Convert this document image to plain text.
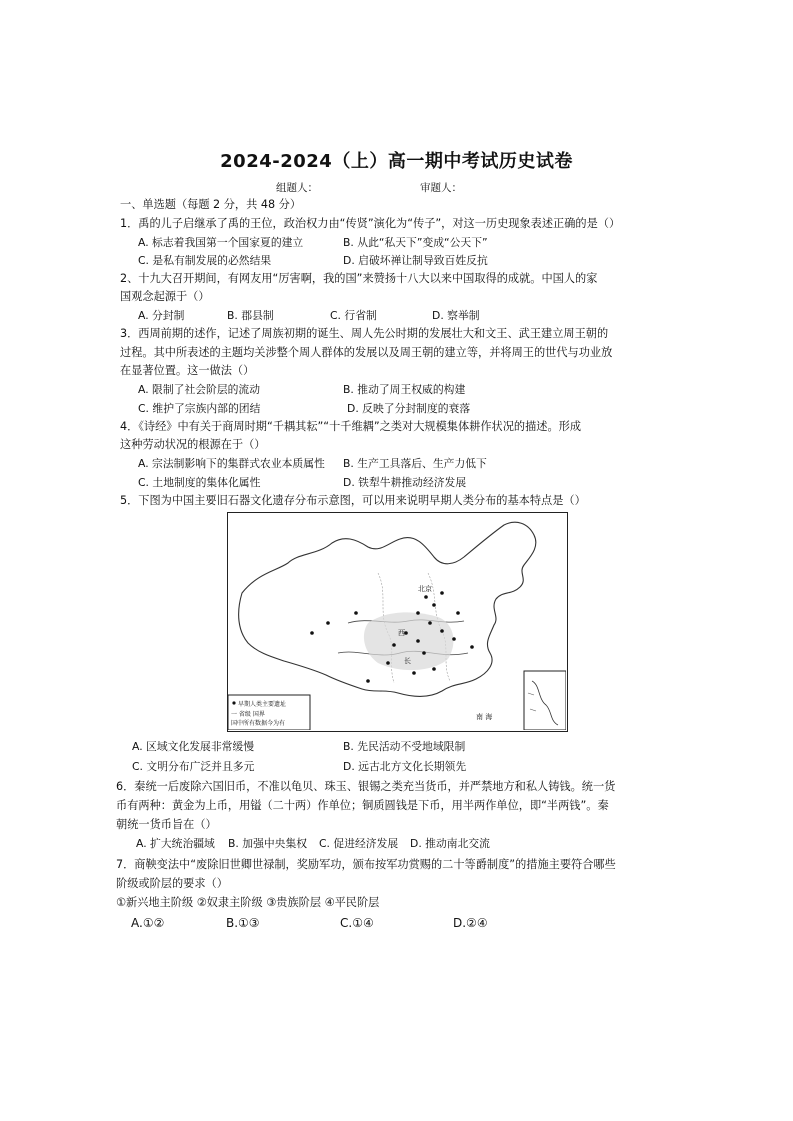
2024-2024（上）高一期中考试历史试卷
组题人：	审题人：
一、单选题（每题 2 分，共 48 分）
1．禹的儿子启继承了禹的王位，政治权力由“传贤”演化为“传子”，对这一历史现象表述正确的是（）
A. 标志着我国第一个国家夏的建立	B. 从此“私天下”变成“公天下”
C. 是私有制发展的必然结果	D. 启破坏禅让制导致百姓反抗
2、十九大召开期间，有网友用“厉害啊，我的国”来赞扬十八大以来中国取得的成就。中国人的家
国观念起源于（）
A. 分封制	B. 郡县制	C. 行省制	D. 察举制
3．西周前期的述作，记述了周族初期的诞生、周人先公时期的发展壮大和文王、武王建立周王朝的
过程。其中所表述的主题均关涉整个周人群体的发展以及周王朝的建立等，并将周王的世代与功业放
在显著位置。这一做法（）
A. 限制了社会阶层的流动	B. 推动了周王权威的构建
C. 维护了宗族内部的团结	D. 反映了分封制度的衰落
4．《诗经》中有关于商周时期“千耦其耘”“十千维耦”之类对大规模集体耕作状况的描述。形成
这种劳动状况的根源在于（）
A. 宗法制影响下的集群式农业本质属性 B. 生产工具落后、生产力低下
C. 土地制度的集体化属性	D. 铁犁牛耕推动经济发展
5．下图为中国主要旧石器文化遗存分布示意图，可以用来说明早期人类分布的基本特点是（）
北京
西
长
南 海
早期人类主要遗址
一 省级 国界
国中所有数据今为有
A. 区域文化发展非常缓慢	B. 先民活动不受地域限制
C. 文明分布广泛并且多元	D. 远古北方文化长期领先
6．秦统一后废除六国旧币，不准以龟贝、珠玉、银锡之类充当货币，并严禁地方和私人铸钱。统一货
币有两种：黄金为上币，用镒（二十两）作单位；铜质圆钱是下币，用半两作单位，即“半两钱”。秦
朝统一货币旨在（）
A. 扩大统治疆域 B. 加强中央集权 C. 促进经济发展 D. 推动南北交流
7．商鞅变法中“废除旧世卿世禄制，奖励军功，颁布按军功赏赐的二十等爵制度”的措施主要符合哪些
阶级或阶层的要求（）
①新兴地主阶级 ②奴隶主阶级 ③贵族阶层 ④平民阶层
A.①②	B.①③	C.①④	D.②④
